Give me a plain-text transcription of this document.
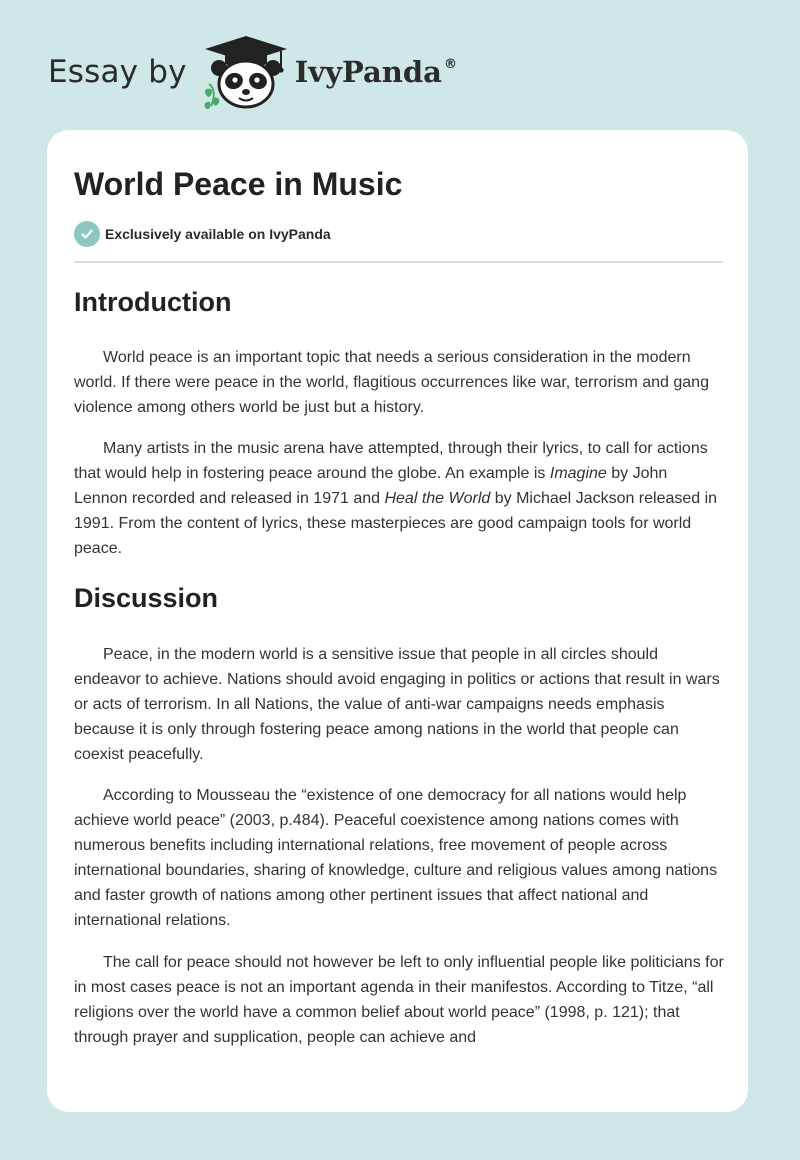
Essay by	IvyPanda ®
World Peace in Music
Exclusively available on IvyPanda
Introduction

World peace is an important topic that needs a serious consideration in the modern world. If there were peace in the world, flagitious occurrences like war, terrorism and gang violence among others world be just but a history.

Many artists in the music arena have attempted, through their lyrics, to call for actions that would help in fostering peace around the globe. An example is Imagine by John Lennon recorded and released in 1971 and Heal the World by Michael Jackson released in 1991. From the content of lyrics, these masterpieces are good campaign tools for world peace.

Discussion

Peace, in the modern world is a sensitive issue that people in all circles should endeavor to achieve. Nations should avoid engaging in politics or actions that result in wars or acts of terrorism. In all Nations, the value of anti-war campaigns needs emphasis because it is only through fostering peace among nations in the world that people can coexist peacefully.

According to Mousseau the “existence of one democracy for all nations would help achieve world peace” (2003, p.484). Peaceful coexistence among nations comes with numerous benefits including international relations, free movement of people across international boundaries, sharing of knowledge, culture and religious values among nations and faster growth of nations among other pertinent issues that affect national and international relations.

The call for peace should not however be left to only influential people like politicians for in most cases peace is not an important agenda in their manifestos. According to Titze, “all religions over the world have a common belief about world peace” (1998, p. 121); that through prayer and supplication, people can achieve and
